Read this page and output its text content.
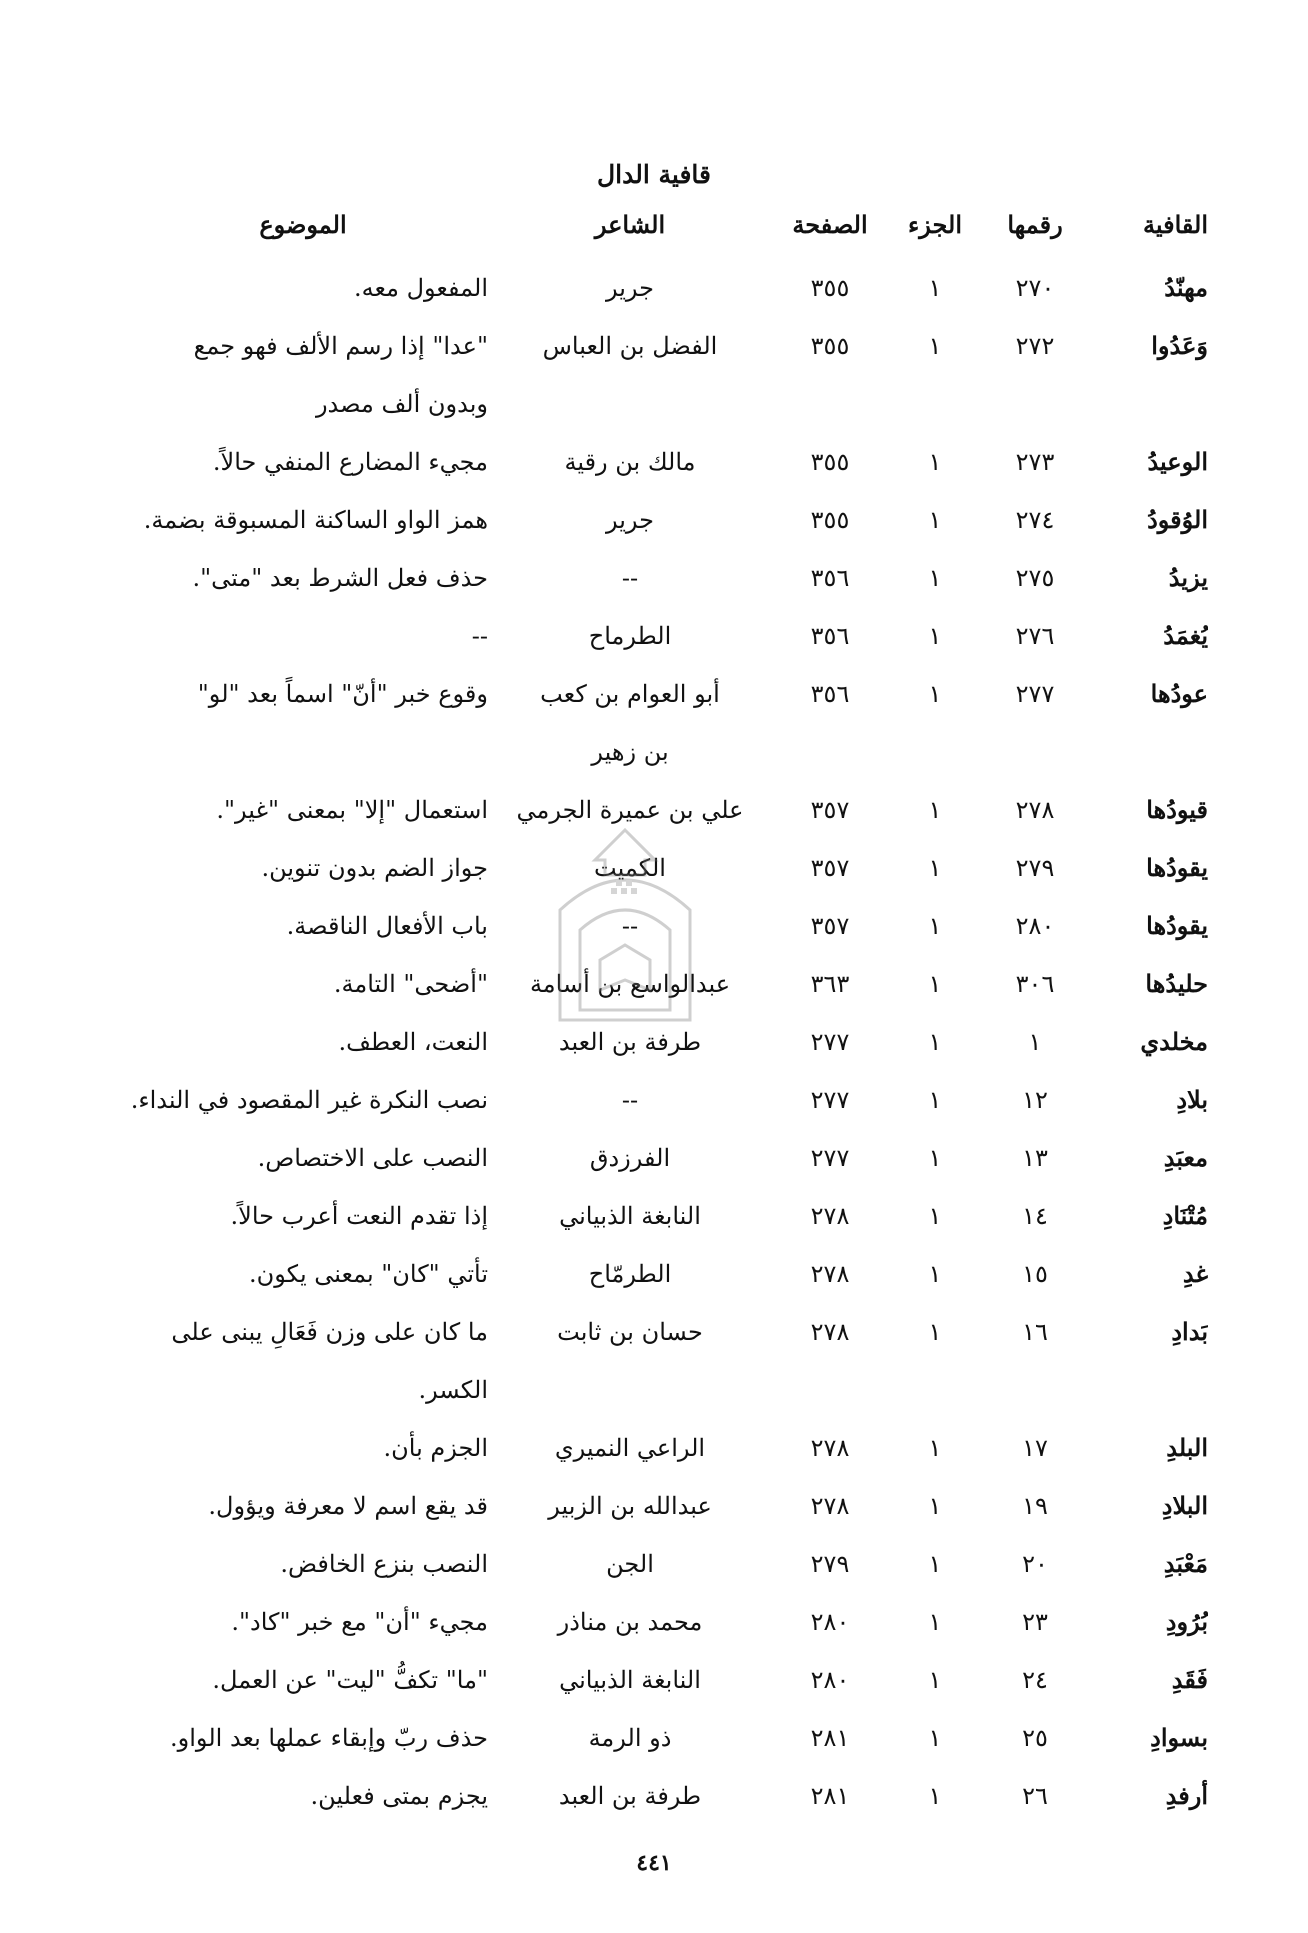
قافية الدال
القافية
رقمها
الجزء
الصفحة
الشاعر
الموضوع
مهنّدُ
٢٧٠
١
٣٥٥
جرير
المفعول معه.
وَعَدُوا
٢٧٢
١
٣٥٥
الفضل بن العباس
"عدا" إذا رسم الألف فهو جمع
وبدون ألف مصدر
الوعيدُ
٢٧٣
١
٣٥٥
مالك بن رقية
مجيء المضارع المنفي حالاً.
الوُقودُ
٢٧٤
١
٣٥٥
جرير
همز الواو الساكنة المسبوقة بضمة.
يزيدُ
٢٧٥
١
٣٥٦
--
حذف فعل الشرط بعد "متى".
يُغمَدُ
٢٧٦
١
٣٥٦
الطرماح
--
عودُها
٢٧٧
١
٣٥٦
أبو العوام بن كعب
وقوع خبر "أنّ" اسماً بعد "لو"
بن زهير
قيودُها
٢٧٨
١
٣٥٧
علي بن عميرة الجرمي
استعمال "إلا" بمعنى "غير".
يقودُها
٢٧٩
١
٣٥٧
الكميت
جواز الضم بدون تنوين.
يقودُها
٢٨٠
١
٣٥٧
--
باب الأفعال الناقصة.
حليدُها
٣٠٦
١
٣٦٣
عبدالواسع بن أسامة
"أضحى" التامة.
مخلدي
١
١
٢٧٧
طرفة بن العبد
النعت، العطف.
بلادِ
١٢
١
٢٧٧
--
نصب النكرة غير المقصود في النداء.
معبَدِ
١٣
١
٢٧٧
الفرزدق
النصب على الاختصاص.
مُتْنَادِ
١٤
١
٢٧٨
النابغة الذبياني
إذا تقدم النعت أعرب حالاً.
غدِ
١٥
١
٢٧٨
الطرمّاح
تأتي "كان" بمعنى يكون.
بَدادِ
١٦
١
٢٧٨
حسان بن ثابت
ما كان على وزن فَعَالِ يبنى على
الكسر.
البلدِ
١٧
١
٢٧٨
الراعي النميري
الجزم بأن.
البلادِ
١٩
١
٢٧٨
عبدالله بن الزبير
قد يقع اسم لا معرفة ويؤول.
مَعْبَدِ
٢٠
١
٢٧٩
الجن
النصب بنزع الخافض.
بُرُودِ
٢٣
١
٢٨٠
محمد بن مناذر
مجيء "أن" مع خبر "كاد".
فَقَدِ
٢٤
١
٢٨٠
النابغة الذبياني
"ما" تكفُّ "ليت" عن العمل.
بسوادِ
٢٥
١
٢٨١
ذو الرمة
حذف ربّ وإبقاء عملها بعد الواو.
أرفدِ
٢٦
١
٢٨١
طرفة بن العبد
يجزم بمتى فعلين.
٤٤١
